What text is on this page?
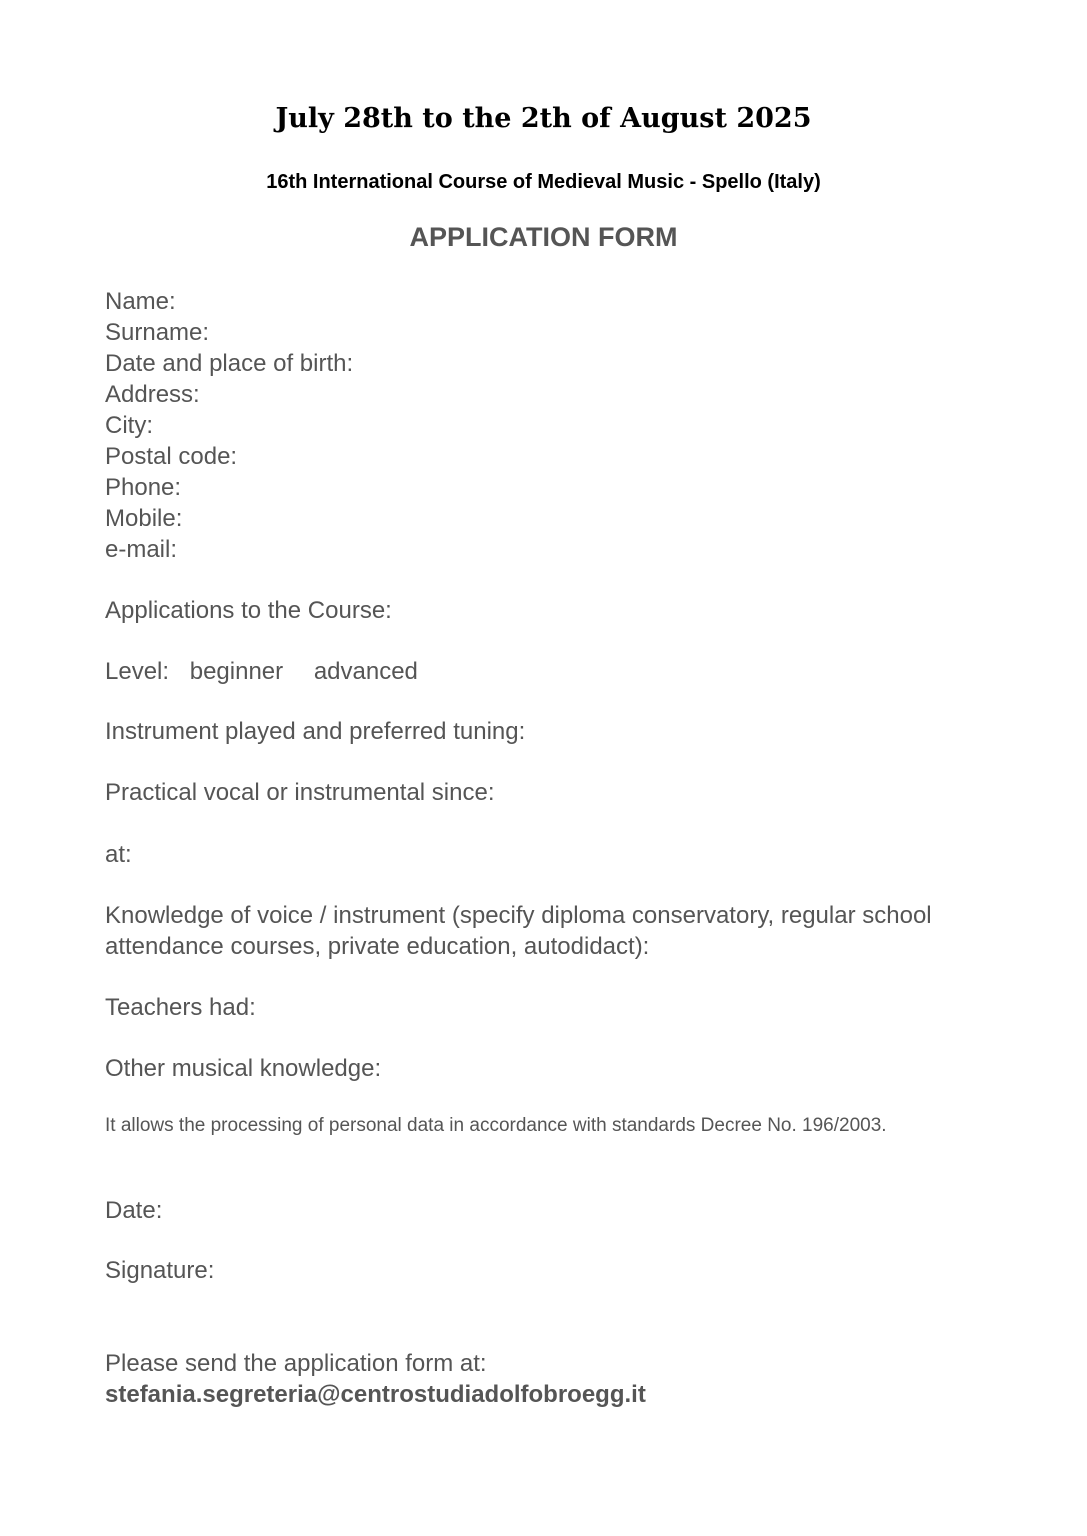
July 28th to the 2th of August 2025
16th International Course of Medieval Music - Spello (Italy)
APPLICATION FORM
Name:
Surname:
Date and place of birth:
Address:
City:
Postal code:
Phone:
Mobile:
e-mail:
Applications to the Course:
Level: beginner advanced
Instrument played and preferred tuning:
Practical vocal or instrumental since:
at:
Knowledge of voice / instrument (specify diploma conservatory, regular school attendance courses, private education, autodidact):
Teachers had:
Other musical knowledge:
It allows the processing of personal data in accordance with standards Decree No. 196/2003.
Date:
Signature:
Please send the application form at:
stefania.segreteria@centrostudiadolfobroegg.it
